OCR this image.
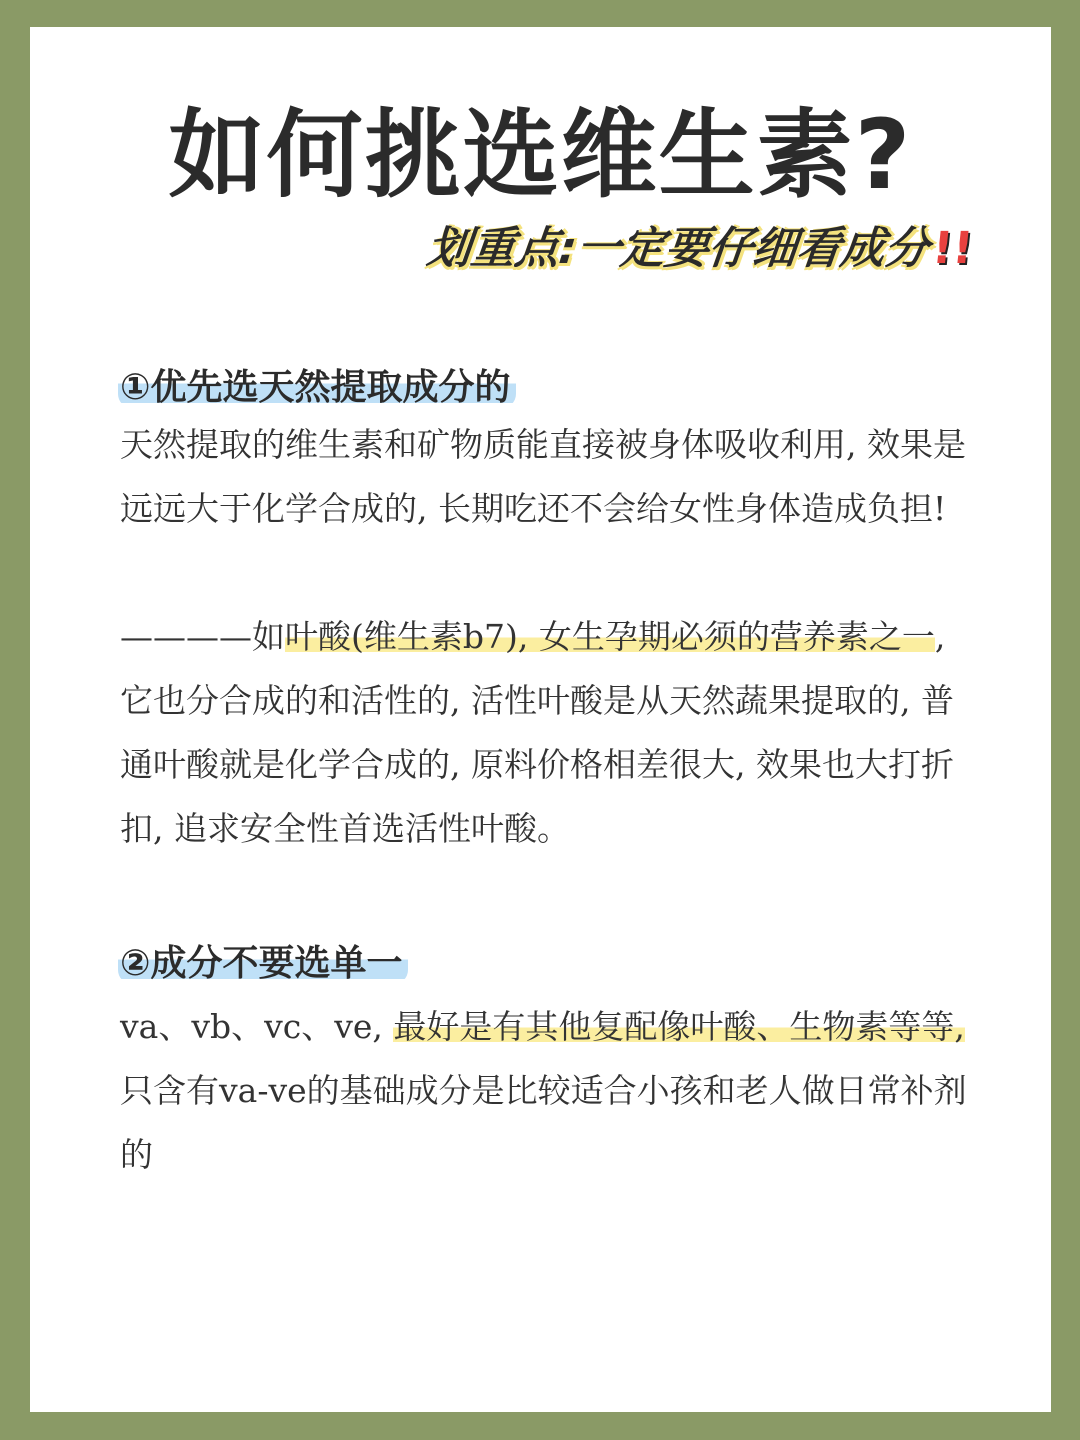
如何挑选维生素?
划重点:一定要仔细看成分!!
①优先选天然提取成分的

天然提取的维生素和矿物质能直接被身体吸收利用, 效果是远远大于化学合成的, 长期吃还不会给女性身体造成负担!

————如叶酸(维生素b7), 女生孕期必须的营养素之一, 它也分合成的和活性的, 活性叶酸是从天然蔬果提取的, 普通叶酸就是化学合成的, 原料价格相差很大, 效果也大打折扣, 追求安全性首选活性叶酸。

②成分不要选单一

va、vb、vc、ve, 最好是有其他复配像叶酸、生物素等等, 只含有va-ve的基础成分是比较适合小孩和老人做日常补剂的
